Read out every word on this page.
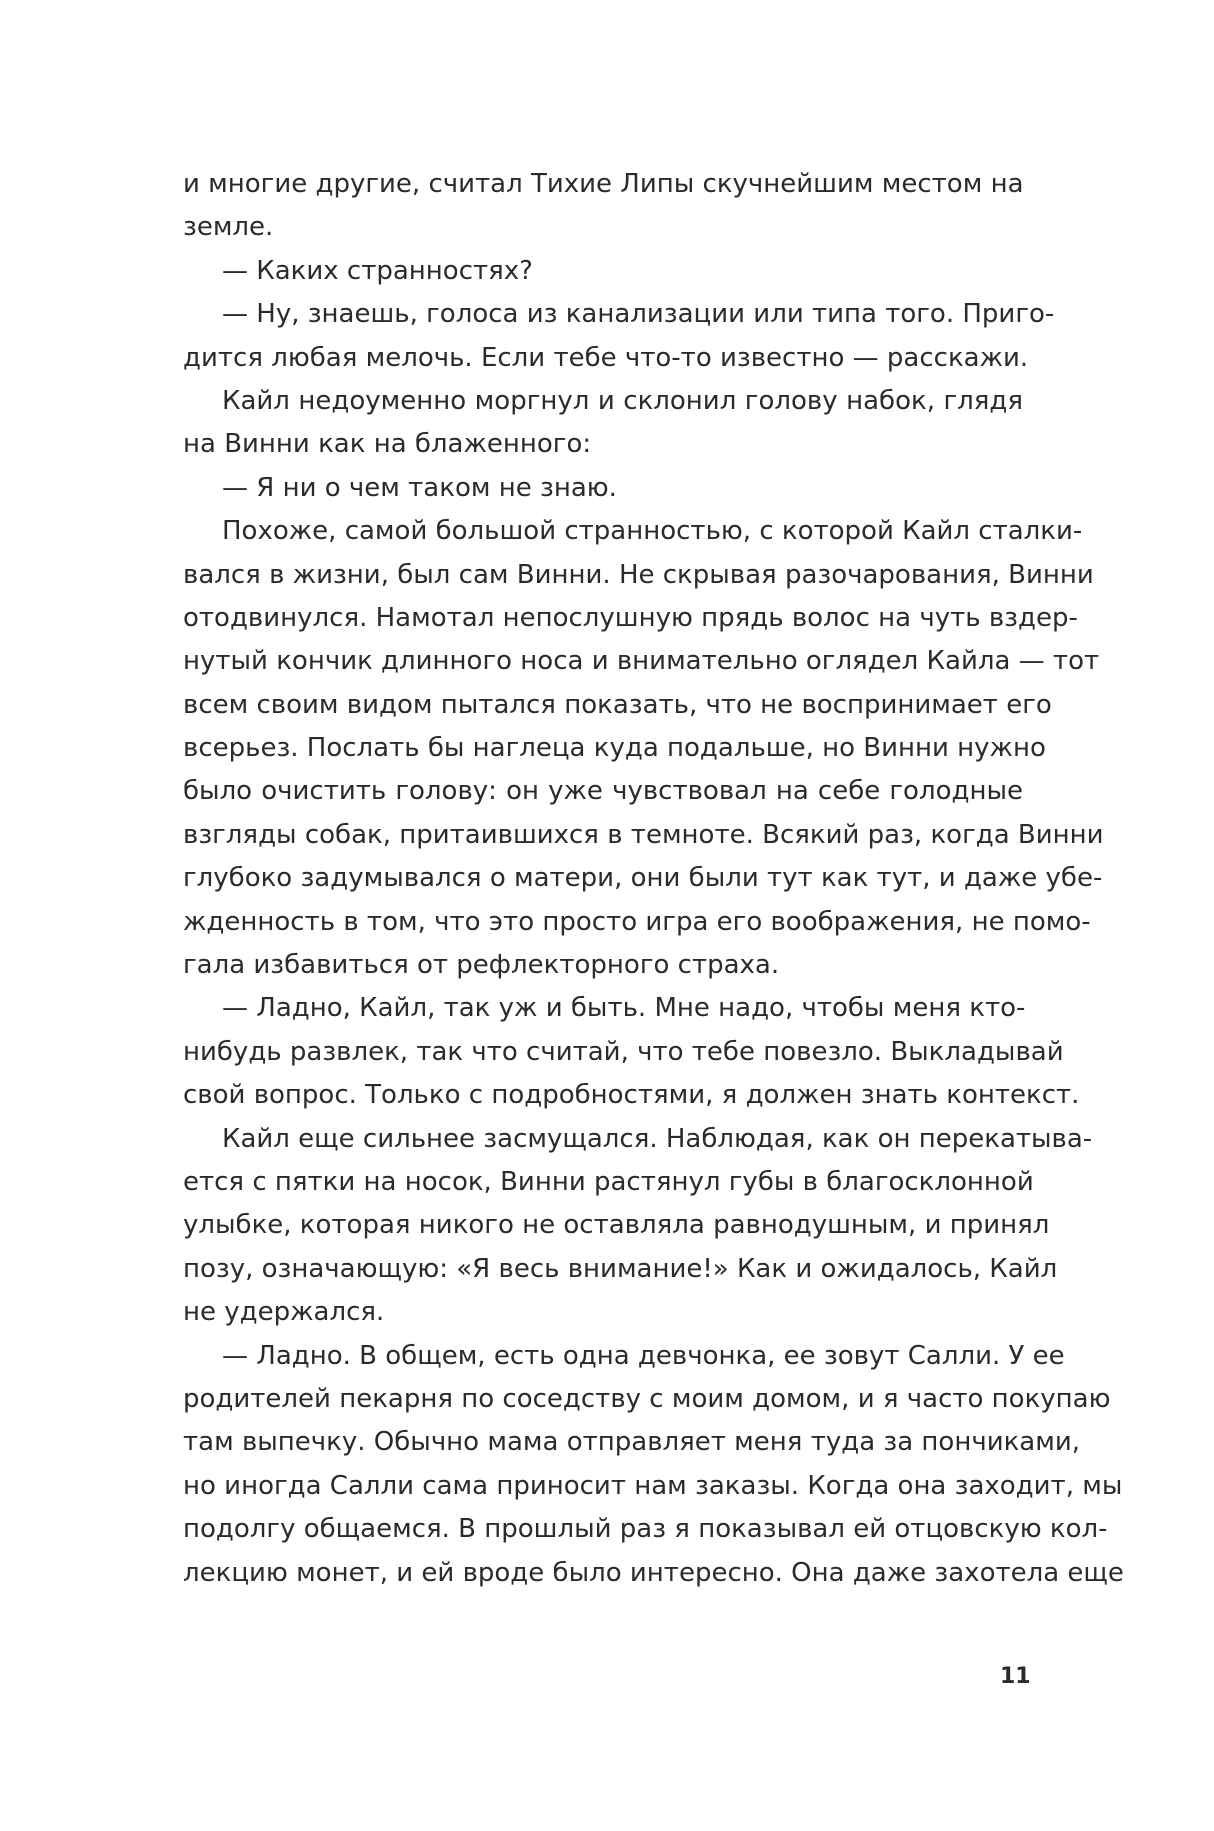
и многие другие, считал Тихие Липы скучнейшим местом на
земле.
— Каких странностях?
— Ну, знаешь, голоса из канализации или типа того. Приго-
дится любая мелочь. Если тебе что-то известно — расскажи.
Кайл недоуменно моргнул и склонил голову набок, глядя
на Винни как на блаженного:
— Я ни о чем таком не знаю.
Похоже, самой большой странностью, с которой Кайл сталки-
вался в жизни, был сам Винни. Не скрывая разочарования, Винни
отодвинулся. Намотал непослушную прядь волос на чуть вздер-
нутый кончик длинного носа и внимательно оглядел Кайла — тот
всем своим видом пытался показать, что не воспринимает его
всерьез. Послать бы наглеца куда подальше, но Винни нужно
было очистить голову: он уже чувствовал на себе голодные
взгляды собак, притаившихся в темноте. Всякий раз, когда Винни
глубоко задумывался о матери, они были тут как тут, и даже убе-
жденность в том, что это просто игра его воображения, не помо-
гала избавиться от рефлекторного страха.
— Ладно, Кайл, так уж и быть. Мне надо, чтобы меня кто-
нибудь развлек, так что считай, что тебе повезло. Выкладывай
свой вопрос. Только с подробностями, я должен знать контекст.
Кайл еще сильнее засмущался. Наблюдая, как он перекатыва-
ется с пятки на носок, Винни растянул губы в благосклонной
улыбке, которая никого не оставляла равнодушным, и принял
позу, означающую: «Я весь внимание!» Как и ожидалось, Кайл
не удержался.
— Ладно. В общем, есть одна девчонка, ее зовут Салли. У ее
родителей пекарня по соседству с моим домом, и я часто покупаю
там выпечку. Обычно мама отправляет меня туда за пончиками,
но иногда Салли сама приносит нам заказы. Когда она заходит, мы
подолгу общаемся. В прошлый раз я показывал ей отцовскую кол-
лекцию монет, и ей вроде было интересно. Она даже захотела еще
11
